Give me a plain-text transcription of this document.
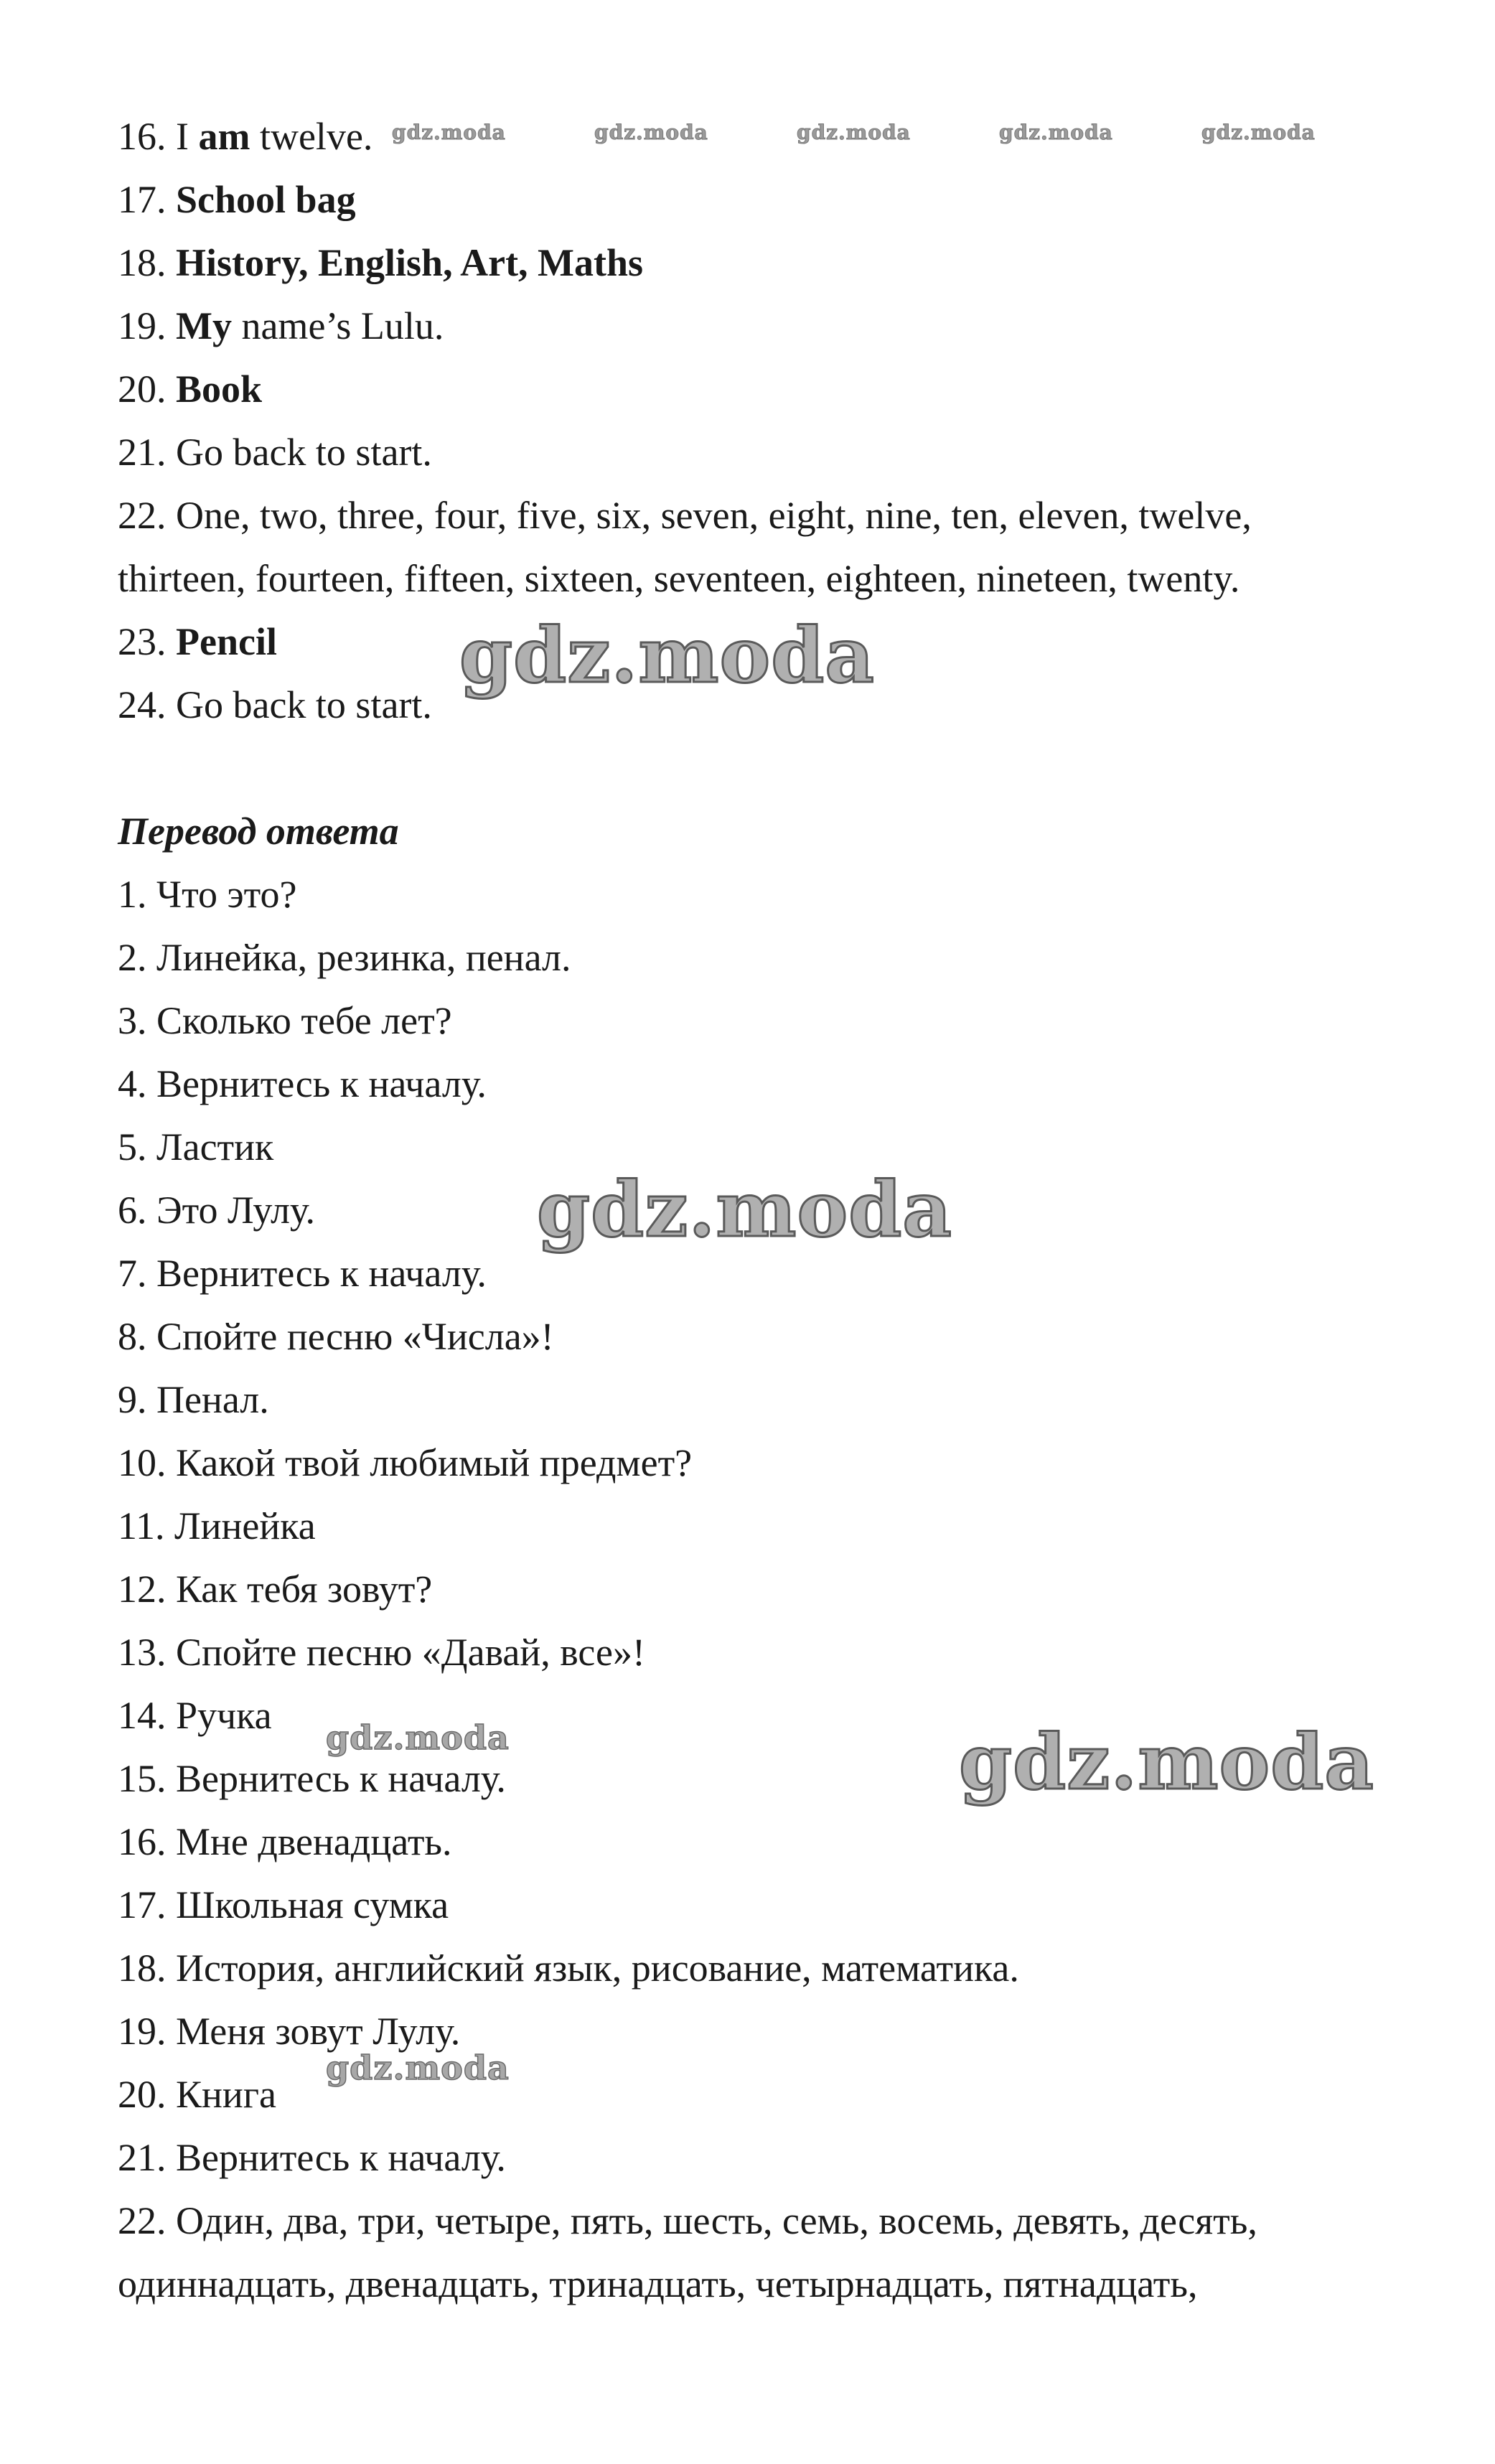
16. I am twelve.

17. School bag

18. History, English, Art, Maths

19. My name’s Lulu.

20. Book

21. Go back to start.

22. One, two, three, four, five, six, seven, eight, nine, ten, eleven, twelve,

thirteen, fourteen, fifteen, sixteen, seventeen, eighteen, nineteen, twenty.

23. Pencil

24. Go back to start.

Перевод ответа

1. Что это?

2. Линейка, резинка, пенал.

3. Сколько тебе лет?

4. Вернитесь к началу.

5. Ластик

6. Это Лулу.

7. Вернитесь к началу.

8. Спойте песню «Числа»!

9. Пенал.

10. Какой твой любимый предмет?

11. Линейка

12. Как тебя зовут?

13. Спойте песню «Давай, все»!

14. Ручка

15. Вернитесь к началу.

16. Мне двенадцать.

17. Школьная сумка

18. История, английский язык, рисование, математика.

19. Меня зовут Лулу.

20. Книга

21. Вернитесь к началу.

22. Один, два, три, четыре, пять, шесть, семь, восемь, девять, десять,

одиннадцать, двенадцать, тринадцать, четырнадцать, пятнадцать,

gdz.moda	gdz.moda	gdz.moda	gdz.moda	gdz.moda
gdz.moda
gdz.moda
gdz.moda
gdz.moda
gdz.moda
